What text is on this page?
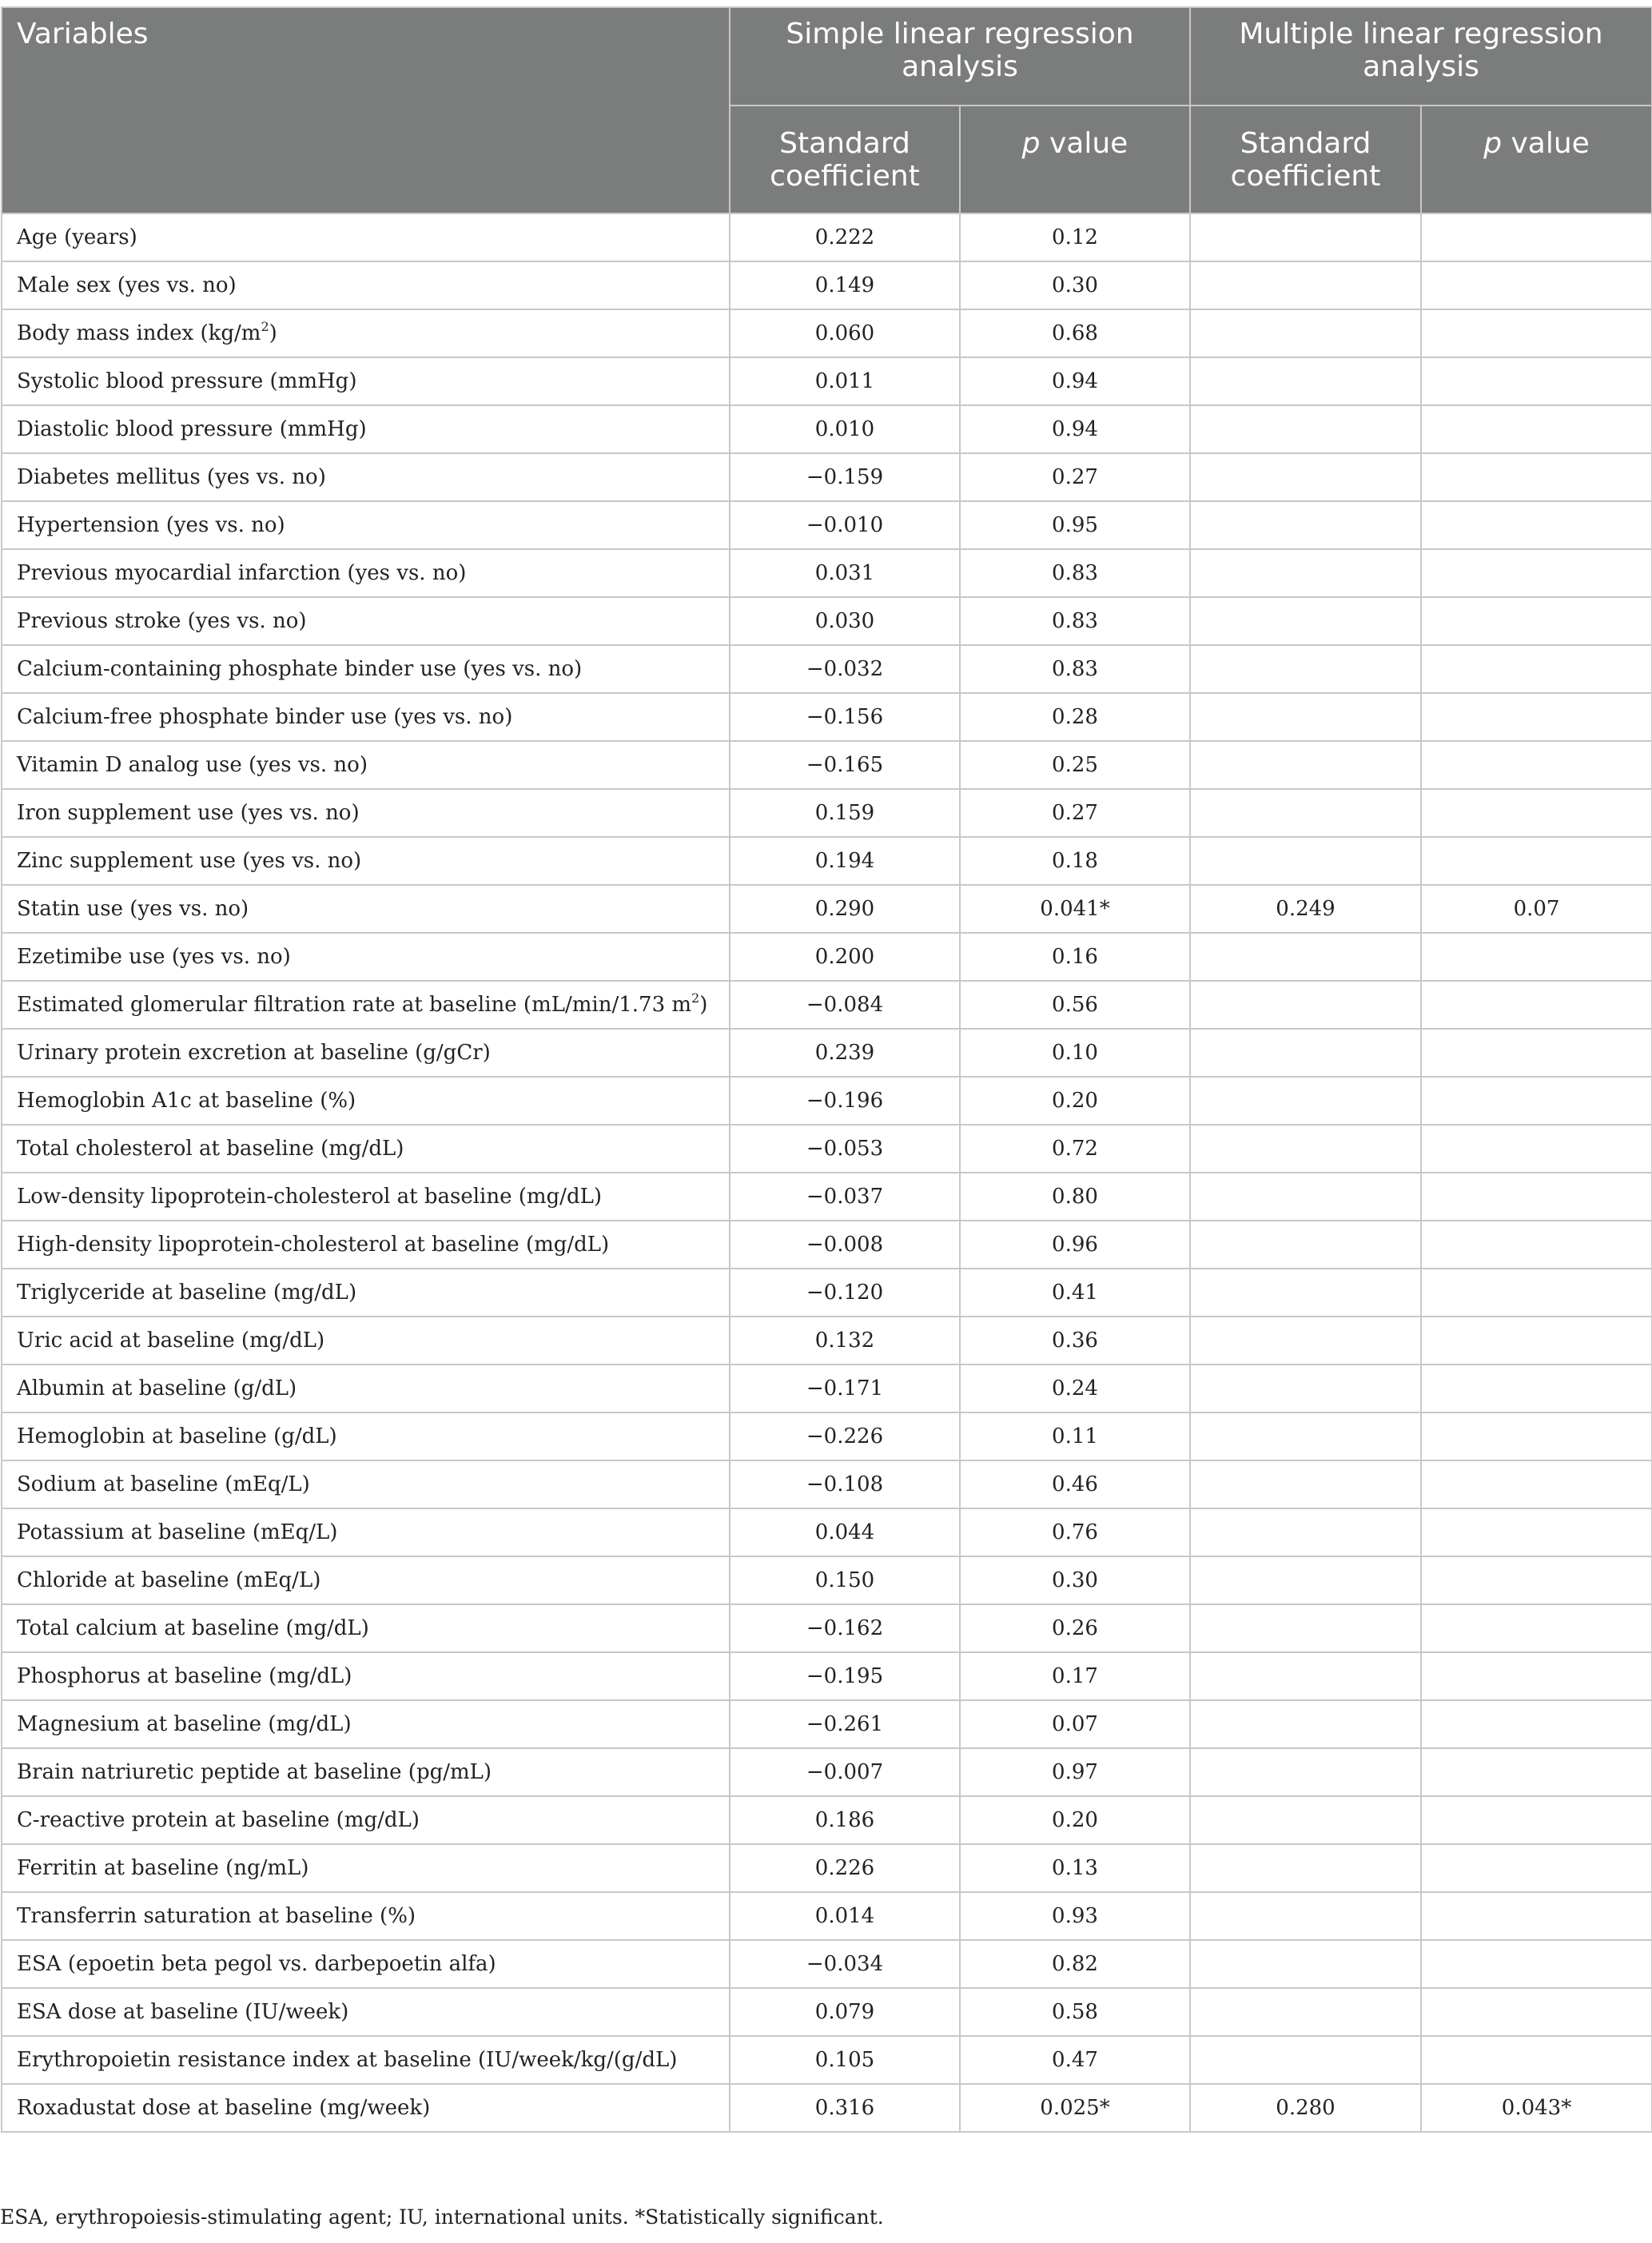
Variables	Simple linear regression analysis		Multiple linear regression analysis	
	Standard coefficient	p value	Standard coefficient	p value
Age (years)	0.222	0.12		
Male sex (yes vs. no)	0.149	0.30		
Body mass index $(kg/m^2)$	0.060	0.68		
Systolic blood pressure (mmHg)	0.011	0.94		
Diastolic blood pressure (mmHg)	0.010	0.94		
Diabetes mellitus (yes vs. no)	−0.159	0.27		
Hypertension (yes vs. no)	−0.010	0.95		
Previous myocardial infarction (yes vs. no)	0.031	0.83		
Previous stroke (yes vs. no)	0.030	0.83		
Calcium-containing phosphate binder use (yes vs. no)	−0.032	0.83		
Calcium-free phosphate binder use (yes vs. no)	−0.156	0.28		
Vitamin D analog use (yes vs. no)	−0.165	0.25		
Iron supplement use (yes vs. no)	0.159	0.27		
Zinc supplement use (yes vs. no)	0.194	0.18		
Statin use (yes vs. no)	0.290	0.041*	0.249	0.07
Ezetimibe use (yes vs. no)	0.200	0.16		
Estimated glomerular filtration rate at baseline (mL/min/1.73 $m^2$)	−0.084	0.56		
Urinary protein excretion at baseline (g/gCr)	0.239	0.10		
Hemoglobin A1c at baseline (%)	−0.196	0.20		
Total cholesterol at baseline (mg/dL)	−0.053	0.72		
Low-density lipoprotein-cholesterol at baseline (mg/dL)	−0.037	0.80		
High-density lipoprotein-cholesterol at baseline (mg/dL)	−0.008	0.96		
Triglyceride at baseline (mg/dL)	−0.120	0.41		
Uric acid at baseline (mg/dL)	0.132	0.36		
Albumin at baseline (g/dL)	−0.171	0.24		
Hemoglobin at baseline (g/dL)	−0.226	0.11		
Sodium at baseline (mEq/L)	−0.108	0.46		
Potassium at baseline (mEq/L)	0.044	0.76		
Chloride at baseline (mEq/L)	0.150	0.30		
Total calcium at baseline (mg/dL)	−0.162	0.26		
Phosphorus at baseline (mg/dL)	−0.195	0.17		
Magnesium at baseline (mg/dL)	−0.261	0.07		
Brain natriuretic peptide at baseline (pg/mL)	−0.007	0.97		
C-reactive protein at baseline (mg/dL)	0.186	0.20		
Ferritin at baseline (ng/mL)	0.226	0.13		
Transferrin saturation at baseline (%)	0.014	0.93		
ESA (epoetin beta pegol vs. darbepoetin alfa)	−0.034	0.82		
ESA dose at baseline (IU/week)	0.079	0.58		
Erythropoietin resistance index at baseline (IU/week/kg/(g/dL)	0.105	0.47		
Roxadustat dose at baseline (mg/week)	0.316	0.025*	0.280	0.043*
ESA, erythropoiesis-stimulating agent; IU, international units. *Statistically significant.
